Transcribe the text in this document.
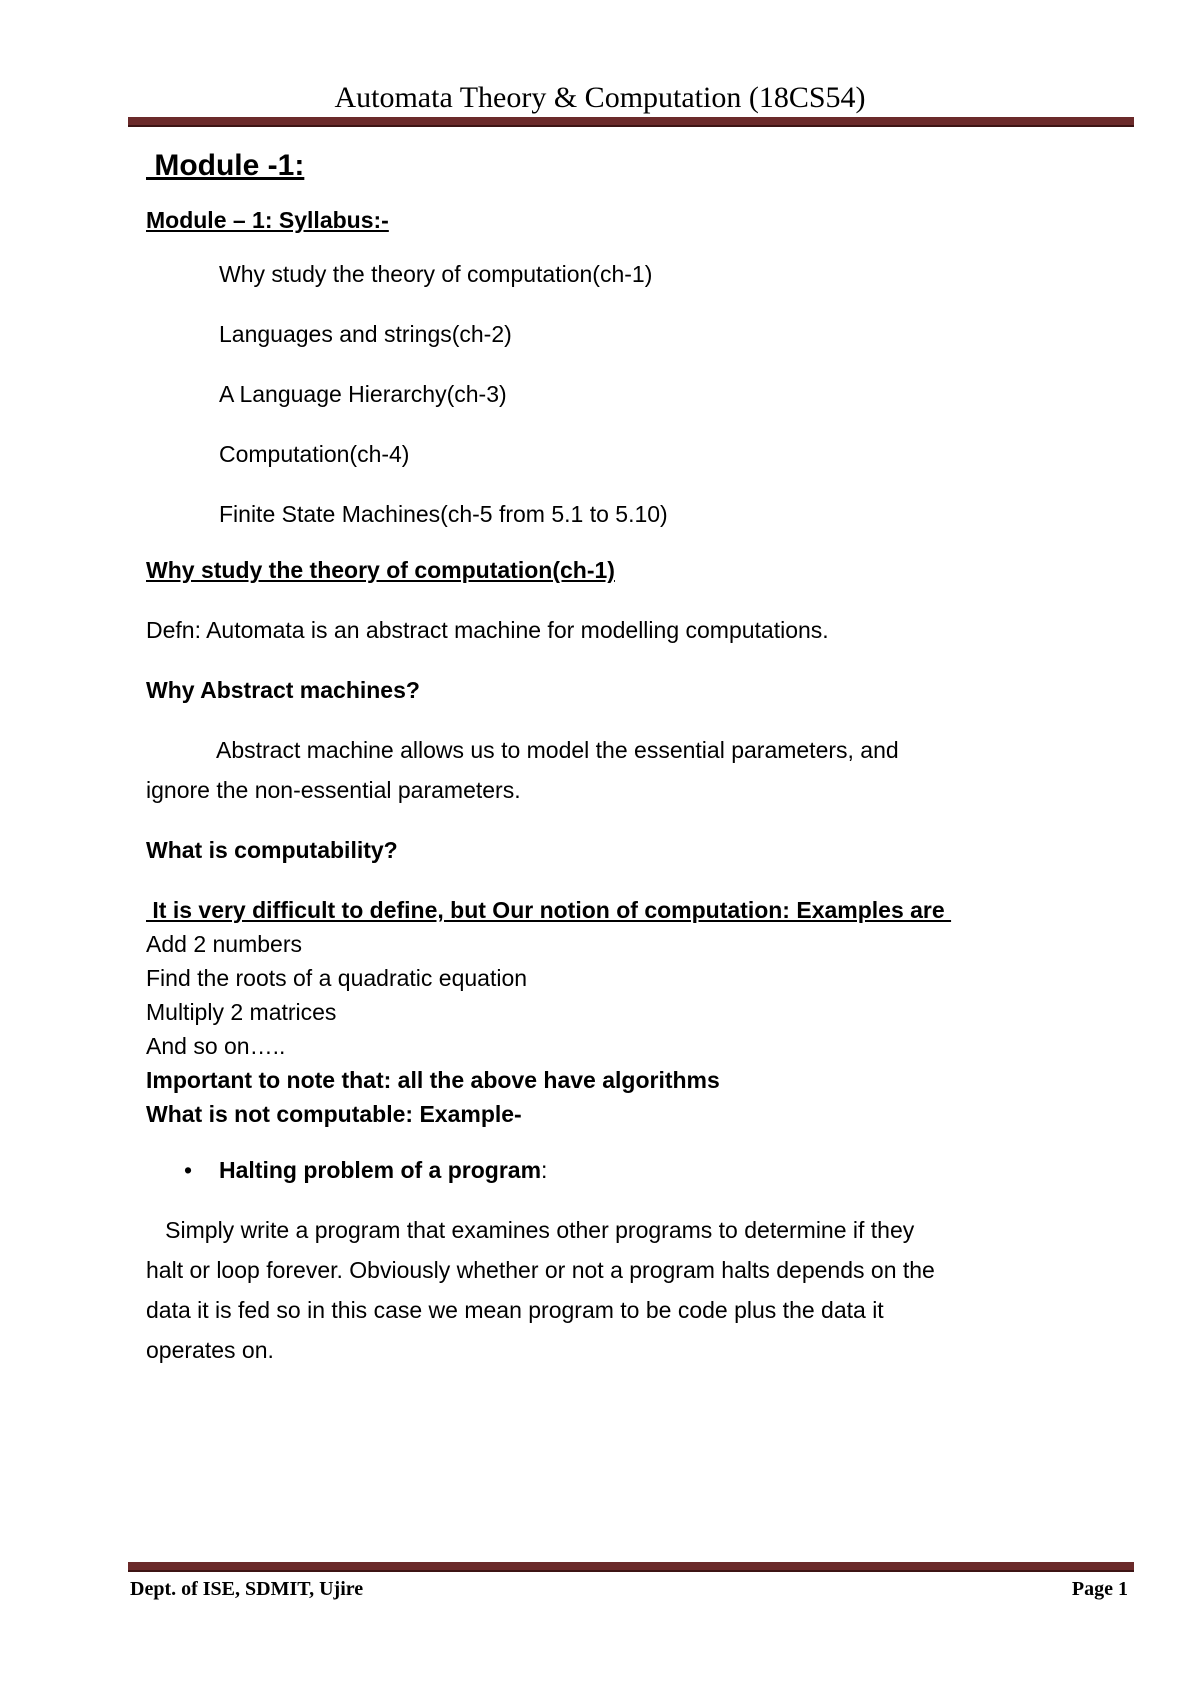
Automata Theory & Computation (18CS54)

Module -1:

Module – 1: Syllabus:-

Why study the theory of computation(ch-1)

Languages and strings(ch-2)

A Language Hierarchy(ch-3)

Computation(ch-4)

Finite State Machines(ch-5 from 5.1 to 5.10)

Why study the theory of computation(ch-1)

Defn: Automata is an abstract machine for modelling computations.

Why Abstract machines?

Abstract machine allows us to model the essential parameters, and

ignore the non-essential parameters.

What is computability?

It is very difficult to define, but Our notion of computation: Examples are

Add 2 numbers

Find the roots of a quadratic equation

Multiply 2 matrices

And so on…..

Important to note that: all the above have algorithms

What is not computable: Example-

•	Halting problem of a program:

Simply write a program that examines other programs to determine if they

halt or loop forever. Obviously whether or not a program halts depends on the

data it is fed so in this case we mean program to be code plus the data it

operates on.

Dept. of ISE, SDMIT, Ujire	Page 1
